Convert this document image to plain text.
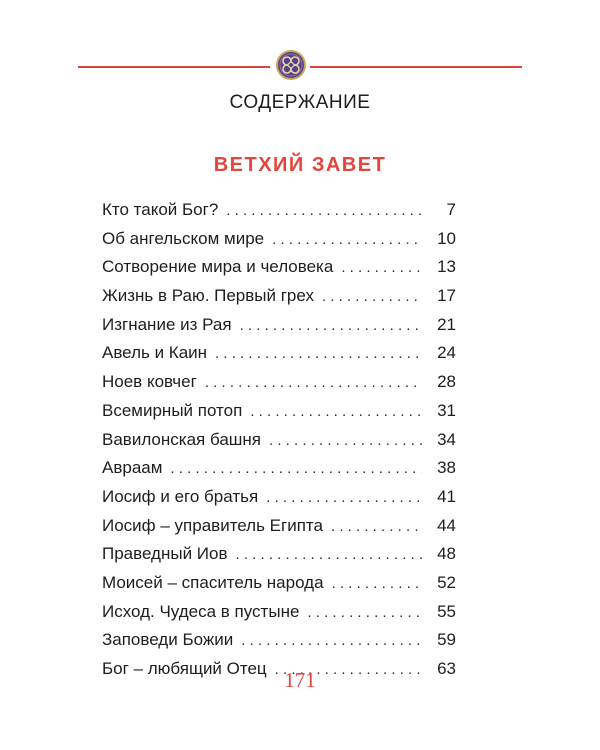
СОДЕРЖАНИЕ
ВЕТХИЙ ЗАВЕТ
Кто такой Бог? . . .	7
Об ангельском мире . . .	10
Сотворение мира и человека . . .	13
Жизнь в Раю. Первый грех . . .	17
Изгнание из Рая . . .	21
Авель и Каин . . .	24
Ноев ковчег . . .	28
Всемирный потоп . . .	31
Вавилонская башня . . .	34
Авраам . . .	38
Иосиф и его братья . . .	41
Иосиф – управитель Египта . . .	44
Праведный Иов . . .	48
Моисей – спаситель народа . . .	52
Исход. Чудеса в пустыне . . .	55
Заповеди Божии . . .	59
Бог – любящий Отец . . .	63
171
